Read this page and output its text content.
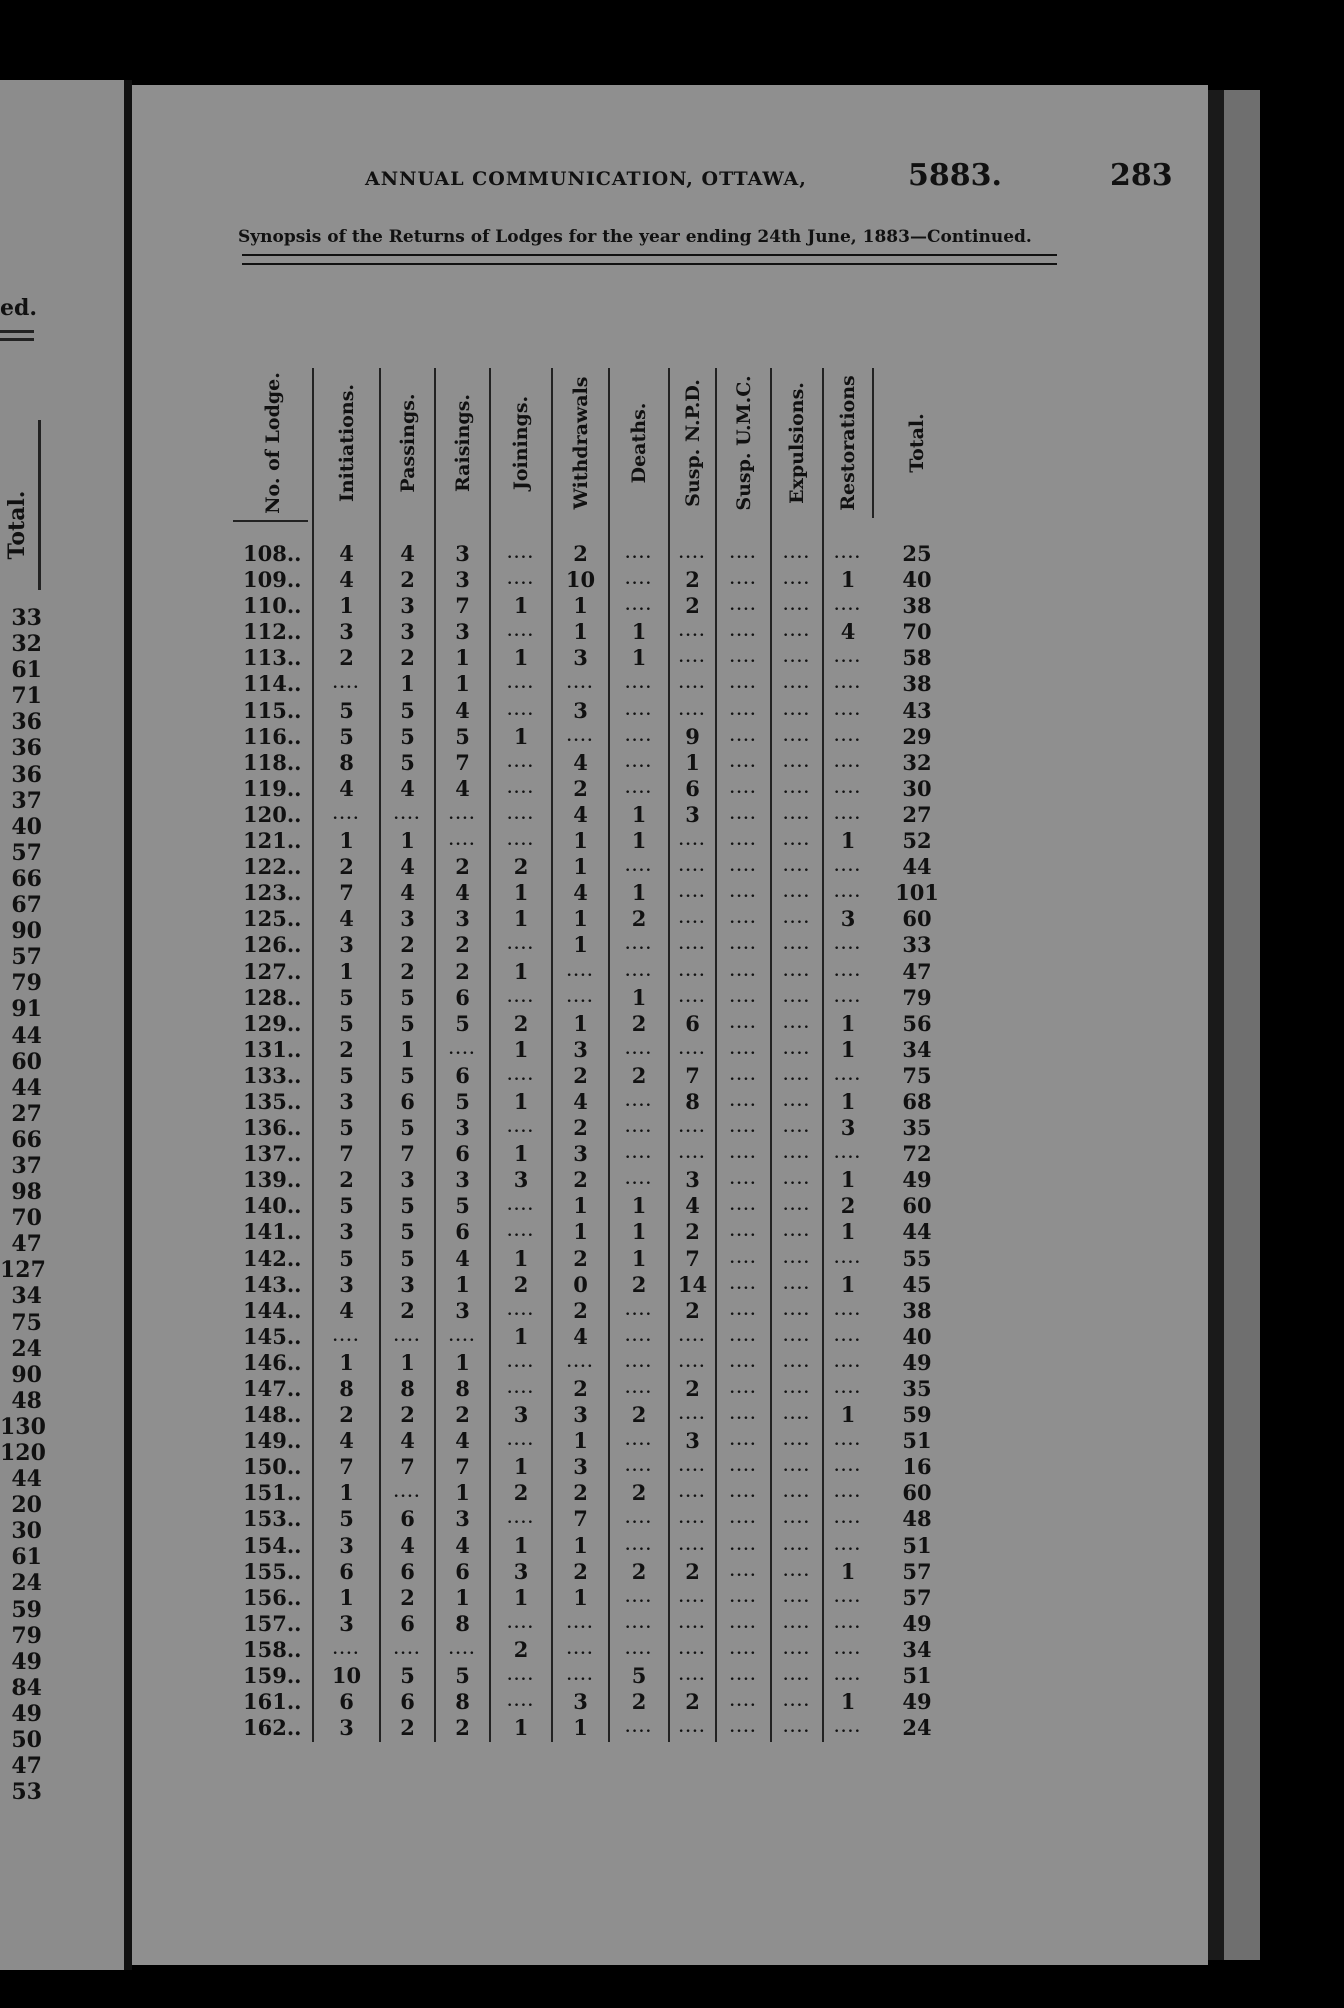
ed.
Total.
33
32
61
71
36
36
36
37
40
57
66
67
90
57
79
91
44
60
44
27
66
37
98
70
47
127
34
75
24
90
48
130
120
44
20
30
61
24
59
79
49
84
49
50
47
53
ANNUAL COMMUNICATION, OTTAWA,	5883.	283
Synopsis of the Returns of Lodges for the year ending 24th June, 1883—Continued.
No. of Lodge.
108..
109..
110..
112..
113..
114..
115..
116..
118..
119..
120..
121..
122..
123..
125..
126..
127..
128..
129..
131..
133..
135..
136..
137..
139..
140..
141..
142..
143..
144..
145..
146..
147..
148..
149..
150..
151..
153..
154..
155..
156..
157..
158..
159..
161..
162..
Initiations.
4
4
1
3
2
....
5
5
8
4
....
1
2
7
4
3
1
5
5
2
5
3
5
7
2
5
3
5
3
4
....
1
8
2
4
7
1
5
3
6
1
3
....
10
6
3
Passings.
4
2
3
3
2
1
5
5
5
4
....
1
4
4
3
2
2
5
5
1
5
6
5
7
3
5
5
5
3
2
....
1
8
2
4
7
....
6
4
6
2
6
....
5
6
2
Raisings.
3
3
7
3
1
1
4
5
7
4
....
....
2
4
3
2
2
6
5
....
6
5
3
6
3
5
6
4
1
3
....
1
8
2
4
7
1
3
4
6
1
8
....
5
8
2
Joinings.
....
....
1
....
1
....
....
1
....
....
....
....
2
1
1
....
1
....
2
1
....
1
....
1
3
....
....
1
2
....
1
....
....
3
....
1
2
....
1
3
1
....
2
....
....
1
Withdrawals
2
10
1
1
3
....
3
....
4
2
4
1
1
4
1
1
....
....
1
3
2
4
2
3
2
1
1
2
0
2
4
....
2
3
1
3
2
7
1
2
1
....
....
....
3
1
Deaths.
....
....
....
1
1
....
....
....
....
....
1
1
....
1
2
....
....
1
2
....
2
....
....
....
....
1
1
1
2
....
....
....
....
2
....
....
2
....
....
2
....
....
....
5
2
....
Susp. N.P.D.
....
2
2
....
....
....
....
9
1
6
3
....
....
....
....
....
....
....
6
....
7
8
....
....
3
4
2
7
14
2
....
....
2
....
3
....
....
....
....
2
....
....
....
....
2
....
Susp. U.M.C.
....
....
....
....
....
....
....
....
....
....
....
....
....
....
....
....
....
....
....
....
....
....
....
....
....
....
....
....
....
....
....
....
....
....
....
....
....
....
....
....
....
....
....
....
....
....
Expulsions.
....
....
....
....
....
....
....
....
....
....
....
....
....
....
....
....
....
....
....
....
....
....
....
....
....
....
....
....
....
....
....
....
....
....
....
....
....
....
....
....
....
....
....
....
....
....
Restorations
....
1
....
4
....
....
....
....
....
....
....
1
....
....
3
....
....
....
1
1
....
1
3
....
1
2
1
....
1
....
....
....
....
1
....
....
....
....
....
1
....
....
....
....
1
....
Total.
25
40
38
70
58
38
43
29
32
30
27
52
44
101
60
33
47
79
56
34
75
68
35
72
49
60
44
55
45
38
40
49
35
59
51
16
60
48
51
57
57
49
34
51
49
24
